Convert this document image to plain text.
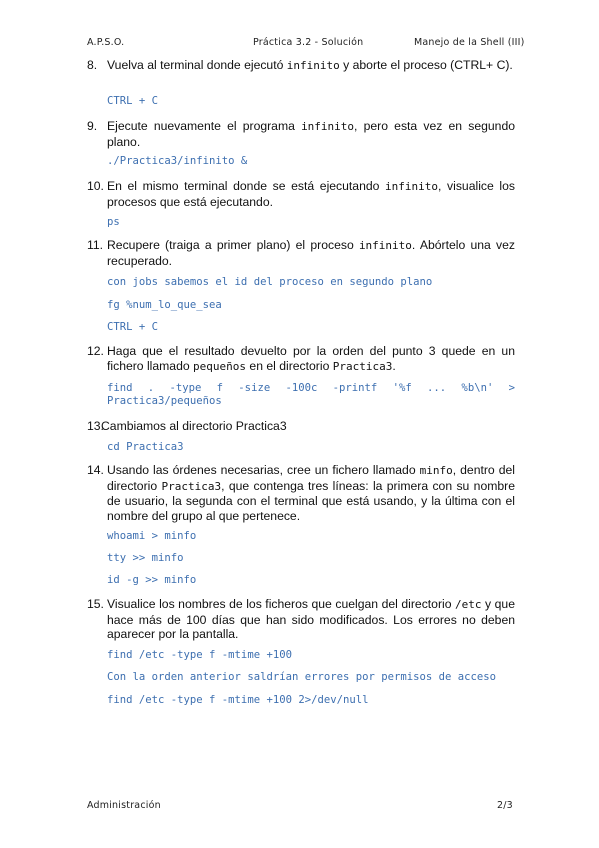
A.P.S.O.	Práctica 3.2 - Solución	Manejo de la Shell (III)
8. Vuelva al terminal donde ejecutó infinito y aborte el proceso (CTRL+ C).
CTRL + C
9. Ejecute nuevamente el programa infinito, pero esta vez en segundo plano.
./Practica3/infinito &
10. En el mismo terminal donde se está ejecutando infinito, visualice los procesos que está ejecutando.
ps
11. Recupere (traiga a primer plano) el proceso infinito. Abórtelo una vez recuperado.
con jobs sabemos el id del proceso en segundo plano
fg %num_lo_que_sea
CTRL + C
12. Haga que el resultado devuelto por la orden del punto 3 quede en un fichero llamado pequeños en el directorio Practica3.
find . -type f -size -100c -printf '%f ... %b\n' > Practica3/pequeños
13.
Cambiamos al directorio Practica3
cd Practica3
14. Usando las órdenes necesarias, cree un fichero llamado minfo, dentro del directorio Practica3, que contenga tres líneas: la primera con su nombre de usuario, la segunda con el terminal que está usando, y la última con el nombre del grupo al que pertenece.
whoami > minfo
tty >> minfo
id -g >> minfo
15. Visualice los nombres de los ficheros que cuelgan del directorio /etc y que hace más de 100 días que han sido modificados. Los errores no deben aparecer por la pantalla.
find /etc -type f -mtime +100
Con la orden anterior saldrían errores por permisos de acceso
find /etc -type f -mtime +100 2>/dev/null
Administración	2/3
